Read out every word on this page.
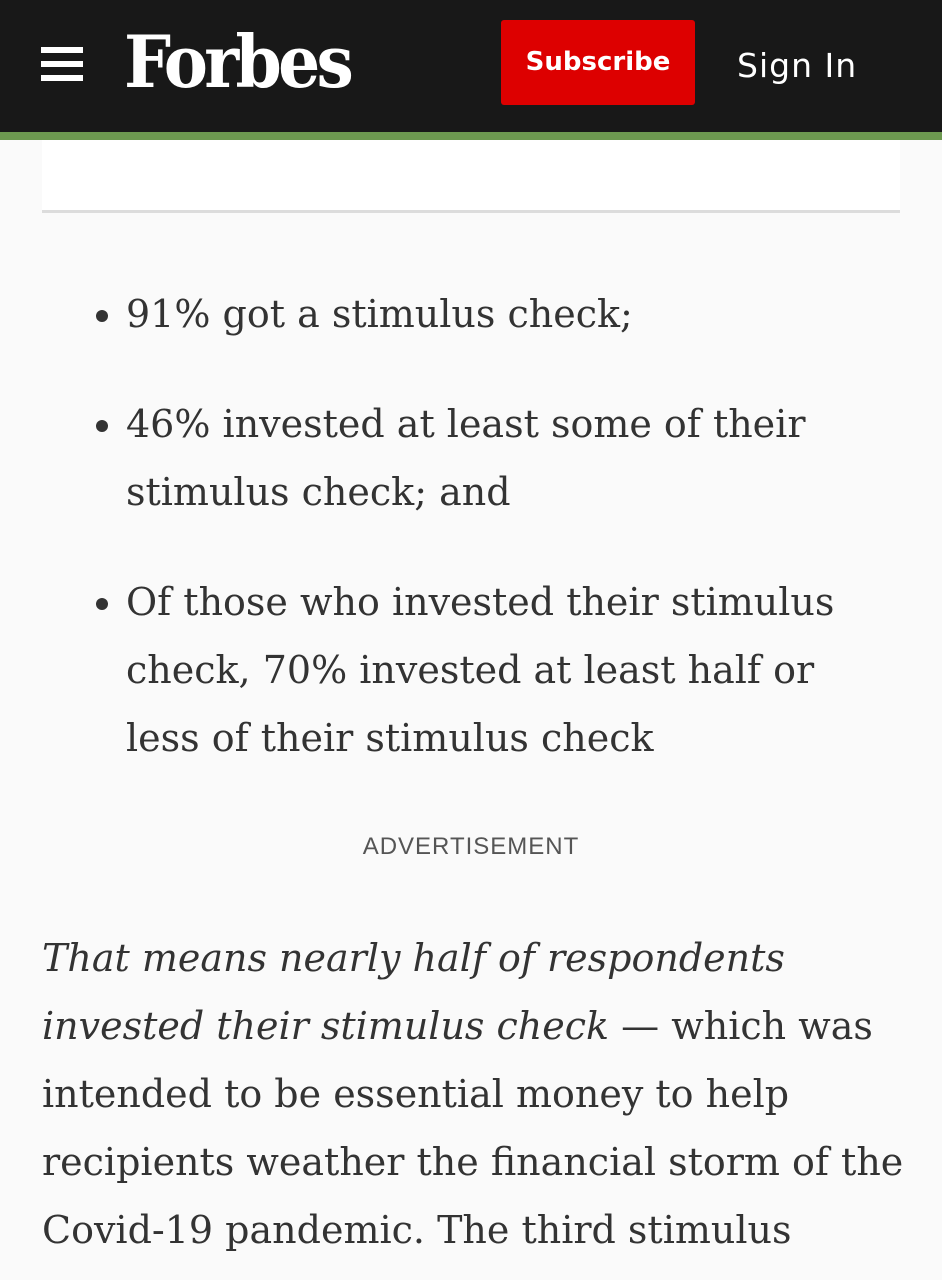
Forbes	Subscribe	Sign In
91% got a stimulus check;
46% invested at least some of their stimulus check; and
Of those who invested their stimulus check, 70% invested at least half or less of their stimulus check
ADVERTISEMENT

That means nearly half of respondents invested their stimulus check — which was intended to be essential money to help recipients weather the financial storm of the Covid-19 pandemic. The third stimulus
